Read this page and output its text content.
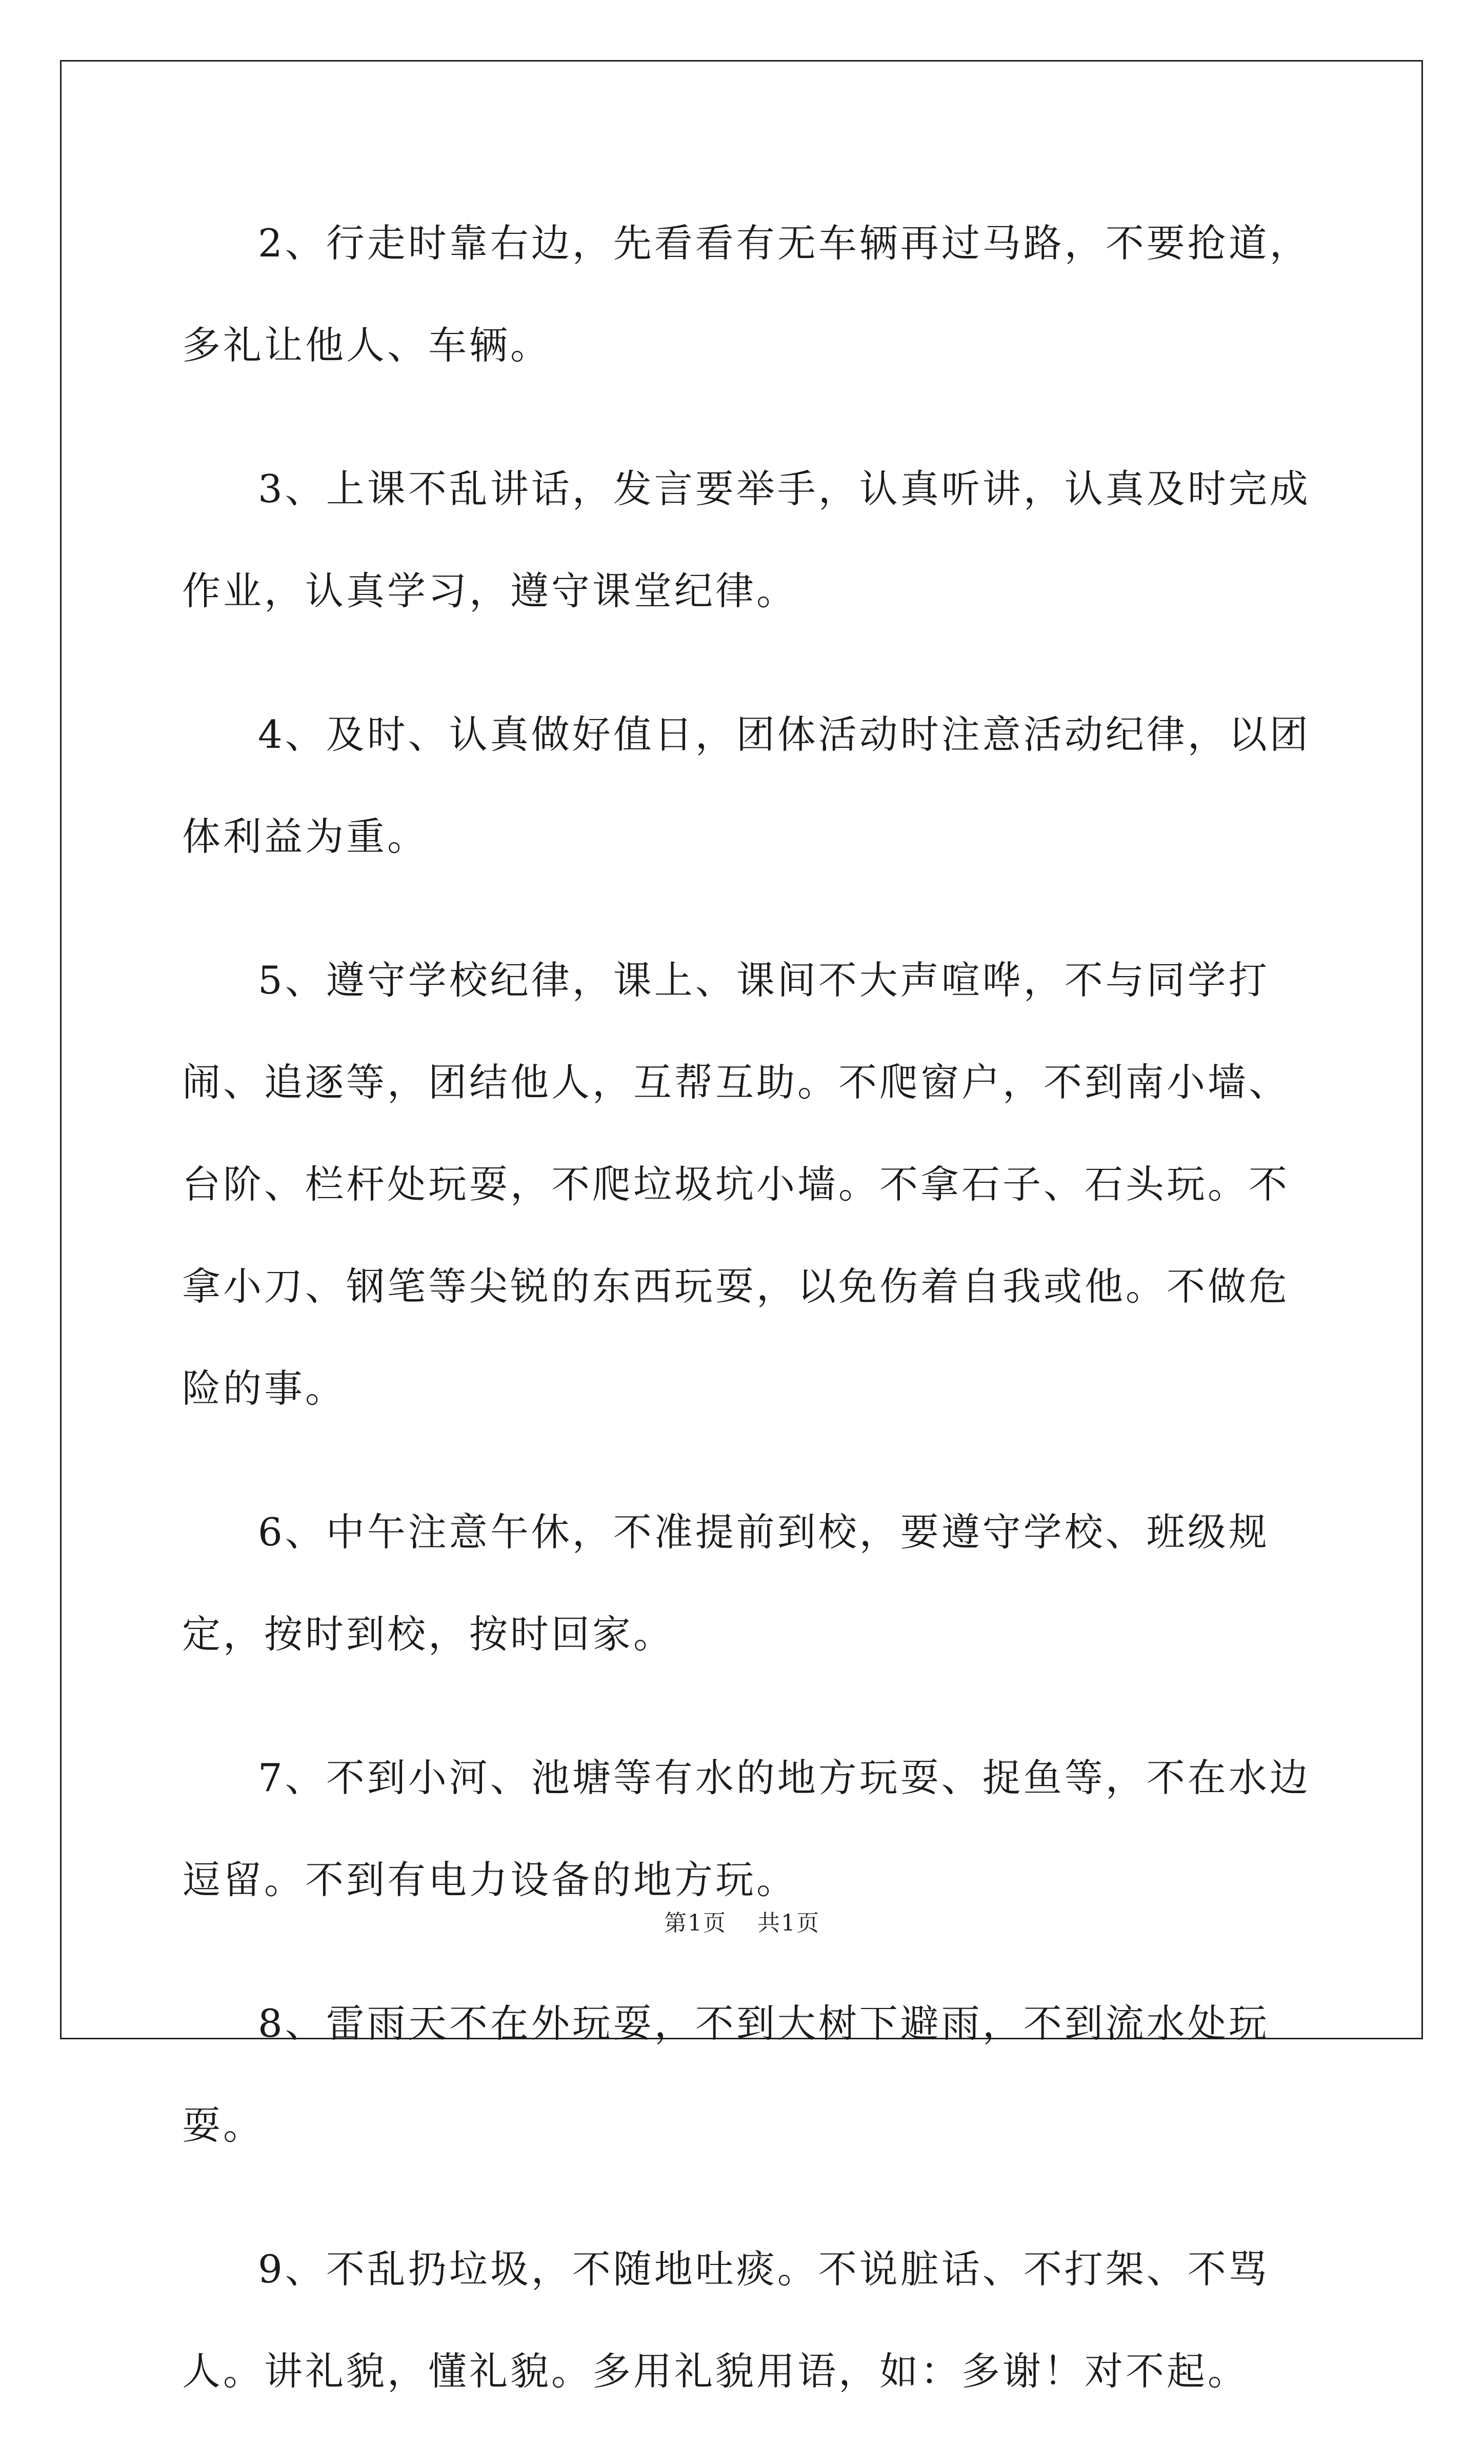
2、行走时靠右边，先看看有无车辆再过马路，不要抢道，多礼让他人、车辆。

3、上课不乱讲话，发言要举手，认真听讲，认真及时完成作业，认真学习，遵守课堂纪律。

4、及时、认真做好值日，团体活动时注意活动纪律，以团体利益为重。

5、遵守学校纪律，课上、课间不大声喧哗，不与同学打闹、追逐等，团结他人，互帮互助。不爬窗户，不到南小墙、台阶、栏杆处玩耍，不爬垃圾坑小墙。不拿石子、石头玩。不拿小刀、钢笔等尖锐的东西玩耍，以免伤着自我或他。不做危险的事。

6、中午注意午休，不准提前到校，要遵守学校、班级规定，按时到校，按时回家。

7、不到小河、池塘等有水的地方玩耍、捉鱼等，不在水边逗留。不到有电力设备的地方玩。

8、雷雨天不在外玩耍，不到大树下避雨，不到流水处玩耍。

9、不乱扔垃圾，不随地吐痰。不说脏话、不打架、不骂人。讲礼貌，懂礼貌。多用礼貌用语，如：多谢！对不起。

第1页 共1页
